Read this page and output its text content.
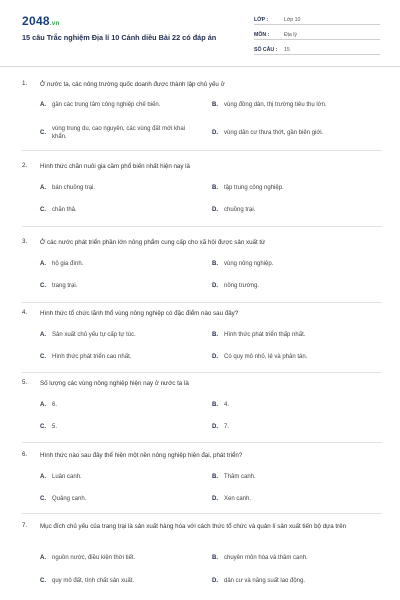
2048.vn
15 câu Trắc nghiệm Địa lí 10 Cánh diều Bài 22 có đáp án
LỚP :	Lớp 10
MÔN :	Địa lý
SỐ CÂU :	15
1. Ở nước ta, các nông trường quốc doanh được thành lập chủ yếu ở
A.	gần các trung tâm công nghiệp chế biến.	B.	vùng đồng dân, thị trường tiêu thụ lớn.
C.
vùng trung du, cao nguyên, các vùng đất mới khai khẩn.
D.	vùng dân cư thưa thớt, gần biên giới.
2. Hình thức chăn nuôi gia cầm phổ biến nhất hiện nay là
A.	bán chuồng trại.	B.	tập trung công nghiệp.
C.	chăn thả.	D.	chuồng trại.
3. Ở các nước phát triển phần lớn nông phẩm cung cấp cho xã hội được sản xuất từ
A.	hộ gia đình.	B.	vùng nông nghiệp.
C.	trang trại.	D.	nông trường.
4. Hình thức tổ chức lãnh thổ vùng nông nghiệp có đặc điểm nào sau đây?
A.	Sản xuất chủ yếu tự cấp tự túc.	B.	Hình thức phát triển thấp nhất.
C.	Hình thức phát triển cao nhất.	D.	Có quy mô nhỏ, lẻ và phân tán.
5. Số lượng các vùng nông nghiệp hiện nay ở nước ta là
A.	6.	B.	4.
C.	5.	D.	7.
6. Hình thức nào sau đây thể hiện một nền nông nghiệp hiện đại, phát triển?
A.	Luân canh.	B.	Thâm canh.
C.	Quảng canh.	D.	Xen canh.
7. Mục đích chủ yếu của trang trại là sản xuất hàng hóa với cách thức tổ chức và quản lí sản xuất tiến bộ dựa trên
A.	nguồn nước, điều kiện thời tiết.	B.	chuyên môn hóa và thâm canh.
C.	quy mô đất, tính chất sản xuất.	D.	dân cư và năng suất lao động.
